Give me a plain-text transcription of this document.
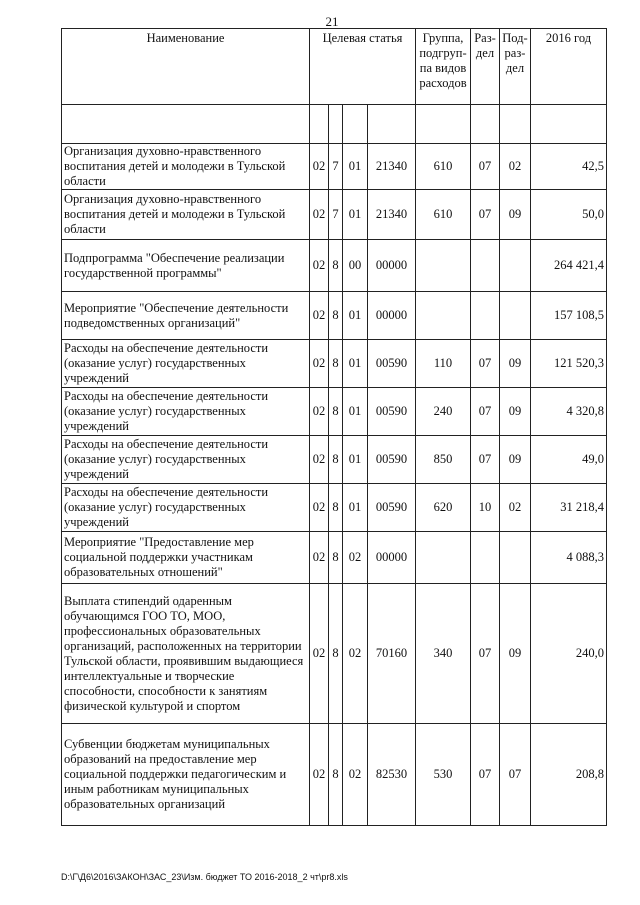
21
Наименование	Целевая статья				Группа, подгруп-па видов расходов	Раз-дел	Под-раз-дел	2016 год

Организация духовно-нравственного воспитания детей и молодежи в Тульской области	02	7	01	21340	610	07	02	42,5
Организация духовно-нравственного воспитания детей и молодежи в Тульской области	02	7	01	21340	610	07	09	50,0
Подпрограмма "Обеспечение реализации государственной программы"	02	8	00	00000				264 421,4
Мероприятие "Обеспечение деятельности подведомственных организаций"	02	8	01	00000				157 108,5
Расходы на обеспечение деятельности (оказание услуг) государственных учреждений	02	8	01	00590	110	07	09	121 520,3
Расходы на обеспечение деятельности (оказание услуг) государственных учреждений	02	8	01	00590	240	07	09	4 320,8
Расходы на обеспечение деятельности (оказание услуг) государственных учреждений	02	8	01	00590	850	07	09	49,0
Расходы на обеспечение деятельности (оказание услуг) государственных учреждений	02	8	01	00590	620	10	02	31 218,4
Мероприятие "Предоставление мер социальной поддержки участникам образовательных отношений"	02	8	02	00000				4 088,3
Выплата стипендий одаренным обучающимся ГОО ТО, МОО, профессиональных образовательных организаций, расположенных на территории Тульской области, проявившим выдающиеся интеллектуальные и творческие способности, способности к занятиям физической культурой и спортом	02	8	02	70160	340	07	09	240,0
Субвенции бюджетам муниципальных образований на предоставление мер социальной поддержки педагогическим и иным работникам муниципальных образовательных организаций	02	8	02	82530	530	07	07	208,8
D:\Г\Д6\2016\ЗАКОН\ЗАС_23\Изм. бюджет ТО 2016-2018_2 чт\pr8.xls
